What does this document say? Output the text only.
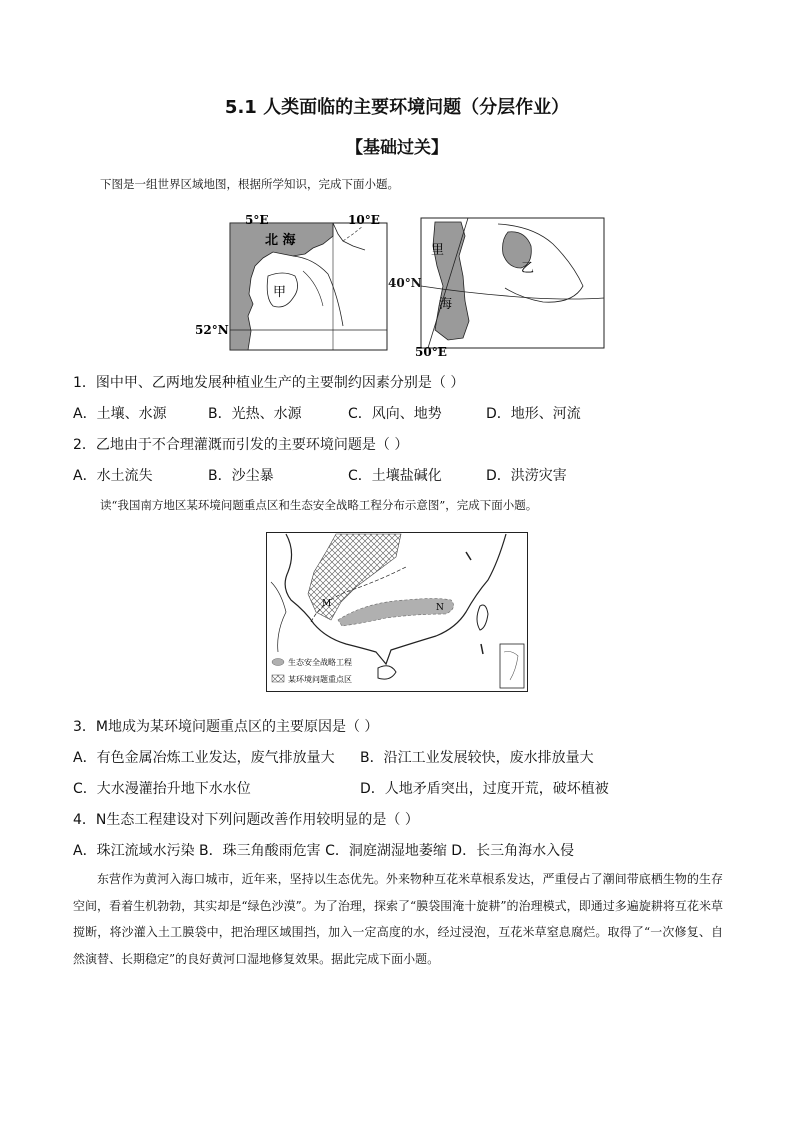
5.1 人类面临的主要环境问题（分层作业）
【基础过关】
下图是一组世界区域地图，根据所学知识，完成下面小题。
5°E	10°E
52°N
北 海
甲
里
海
乙
50°E
40°N
1．图中甲、乙两地发展种植业生产的主要制约因素分别是（ ）
A．土壤、水源	B．光热、水源	C．风向、地势	D．地形、河流
2．乙地由于不合理灌溉而引发的主要环境问题是（ ）
A．水土流失	B．沙尘暴	C．土壤盐碱化	D．洪涝灾害
读“我国南方地区某环境问题重点区和生态安全战略工程分布示意图”，完成下面小题。
M	N
生态安全战略工程
某环境问题重点区
3．M地成为某环境问题重点区的主要原因是（ ）
A．有色金属冶炼工业发达，废气排放量大 B．沿江工业发展较快，废水排放量大
C．大水漫灌抬升地下水水位	D．人地矛盾突出，过度开荒，破坏植被
4．N生态工程建设对下列问题改善作用较明显的是（ ）
A．珠江流域水污染 B．珠三角酸雨危害 C．洞庭湖湿地萎缩 D．长三角海水入侵

东营作为黄河入海口城市，近年来，坚持以生态优先。外来物种互花米草根系发达，严重侵占了潮间带底栖生物的生存空间，看着生机勃勃，其实却是“绿色沙漠”。为了治理，探索了“膜袋围淹十旋耕”的治理模式，即通过多遍旋耕将互花米草搅断，将沙灌入土工膜袋中，把治理区域围挡，加入一定高度的水，经过浸泡，互花米草窒息腐烂。取得了“一次修复、自然演替、长期稳定”的良好黄河口湿地修复效果。据此完成下面小题。
